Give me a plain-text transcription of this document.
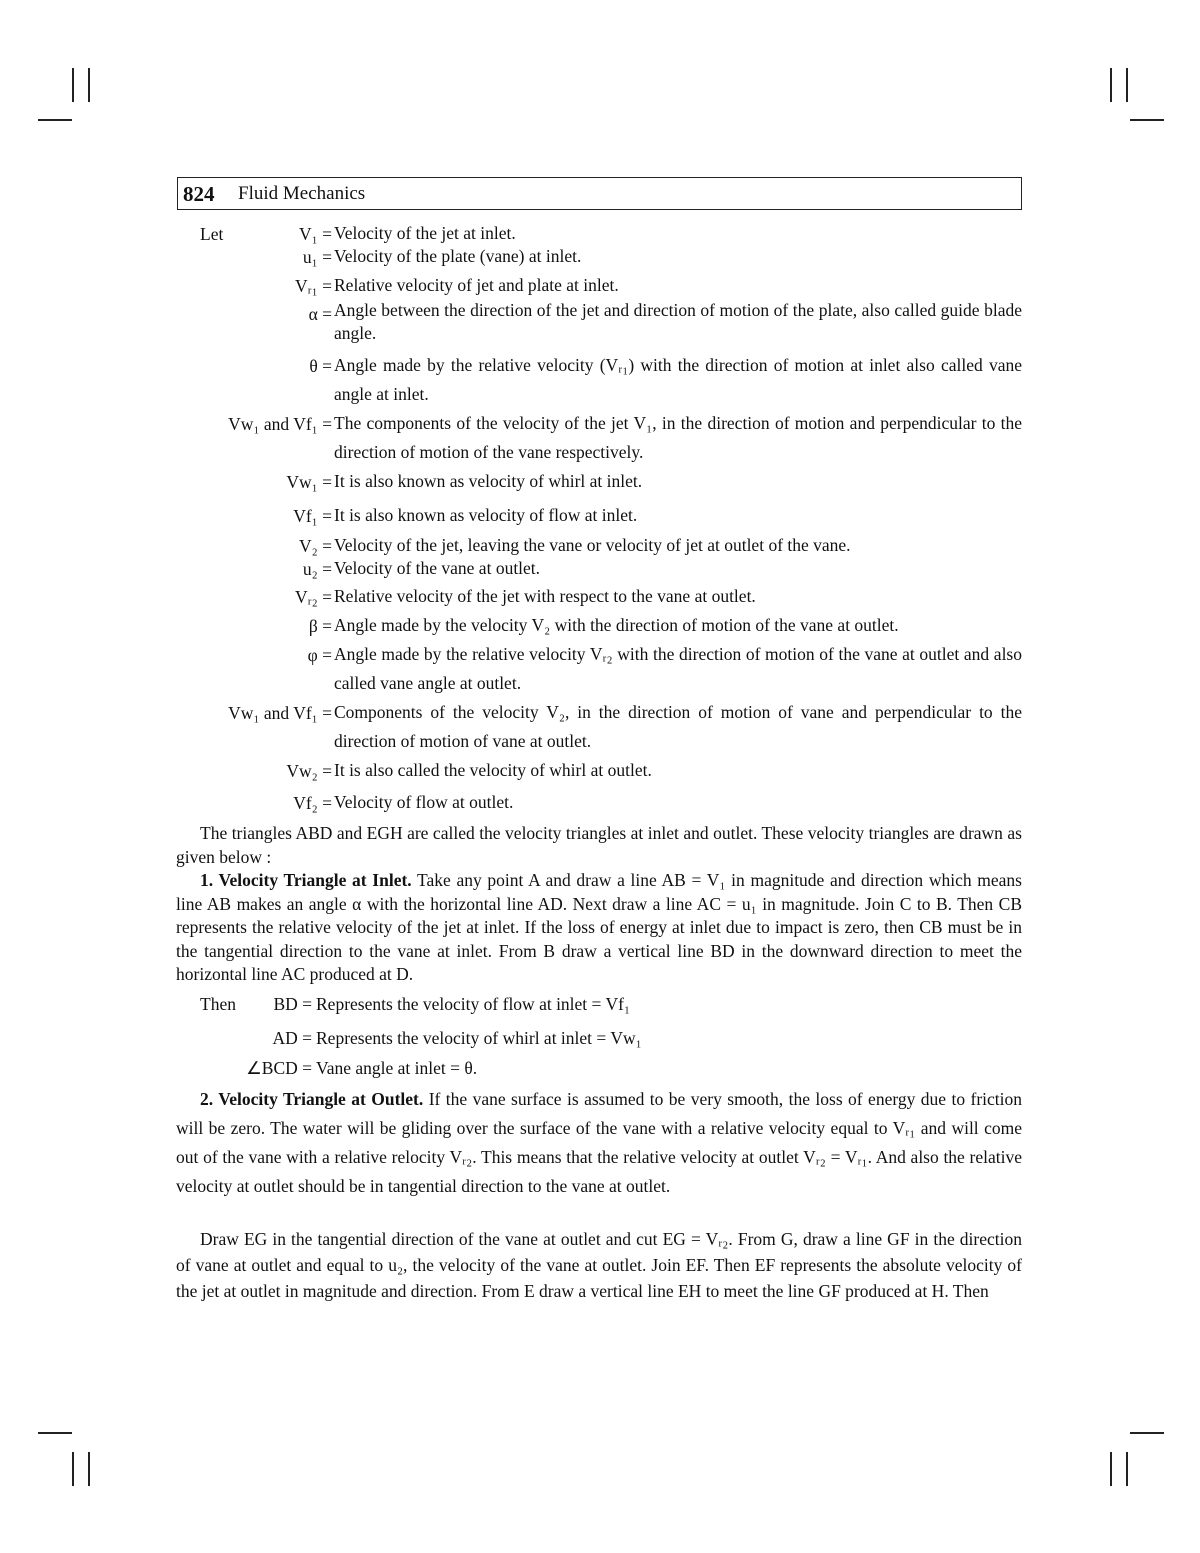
824 Fluid Mechanics
Let	V₁ =
u₁ =
Vᵣ₁ =
α =
θ =
Vw₁ and Vf₁ =
Vw₁ =
Vf₁ =
V₂ =
u₂ =
Vᵣ₂ =
β =
φ =
Vw₁ and Vf₁ =
Vw₂ =
Vf₂ =
Velocity of the jet at inlet.
Velocity of the plate (vane) at inlet.
Relative velocity of jet and plate at inlet.
Angle between the direction of the jet and direction of motion of the plate, also called guide blade angle.
Angle made by the relative velocity (Vᵣ₁) with the direction of motion at inlet also called vane angle at inlet.
The components of the velocity of the jet V₁, in the direction of motion and perpendicular to the direction of motion of the vane respectively.
It is also known as velocity of whirl at inlet.
It is also known as velocity of flow at inlet.
Velocity of the jet, leaving the vane or velocity of jet at outlet of the vane.
Velocity of the vane at outlet.
Relative velocity of the jet with respect to the vane at outlet.
Angle made by the velocity V₂ with the direction of motion of the vane at outlet.
Angle made by the relative velocity Vᵣ₂ with the direction of motion of the vane at outlet and also called vane angle at outlet.
Components of the velocity V₂, in the direction of motion of vane and perpendicular to the direction of motion of vane at outlet.
It is also called the velocity of whirl at outlet.
Velocity of flow at outlet.
The triangles ABD and EGH are called the velocity triangles at inlet and outlet. These velocity triangles are drawn as given below :
1. Velocity Triangle at Inlet. Take any point A and draw a line AB = V₁ in magnitude and direction which means line AB makes an angle α with the horizontal line AD. Next draw a line AC = u₁ in magnitude. Join C to B. Then CB represents the relative velocity of the jet at inlet. If the loss of energy at inlet due to impact is zero, then CB must be in the tangential direction to the vane at inlet. From B draw a vertical line BD in the downward direction to meet the horizontal line AC produced at D.
Then BD = Represents the velocity of flow at inlet = Vf₁
AD = Represents the velocity of whirl at inlet = Vw₁
∠BCD = Vane angle at inlet = θ.
2. Velocity Triangle at Outlet. If the vane surface is assumed to be very smooth, the loss of energy due to friction will be zero. The water will be gliding over the surface of the vane with a relative velocity equal to Vᵣ₁ and will come out of the vane with a relative relocity Vᵣ₂. This means that the relative velocity at outlet Vᵣ₂ = Vᵣ₁. And also the relative velocity at outlet should be in tangential direction to the vane at outlet.
Draw EG in the tangential direction of the vane at outlet and cut EG = Vᵣ₂. From G, draw a line GF in the direction of vane at outlet and equal to u₂, the velocity of the vane at outlet. Join EF. Then EF represents the absolute velocity of the jet at outlet in magnitude and direction. From E draw a vertical line EH to meet the line GF produced at H. Then
